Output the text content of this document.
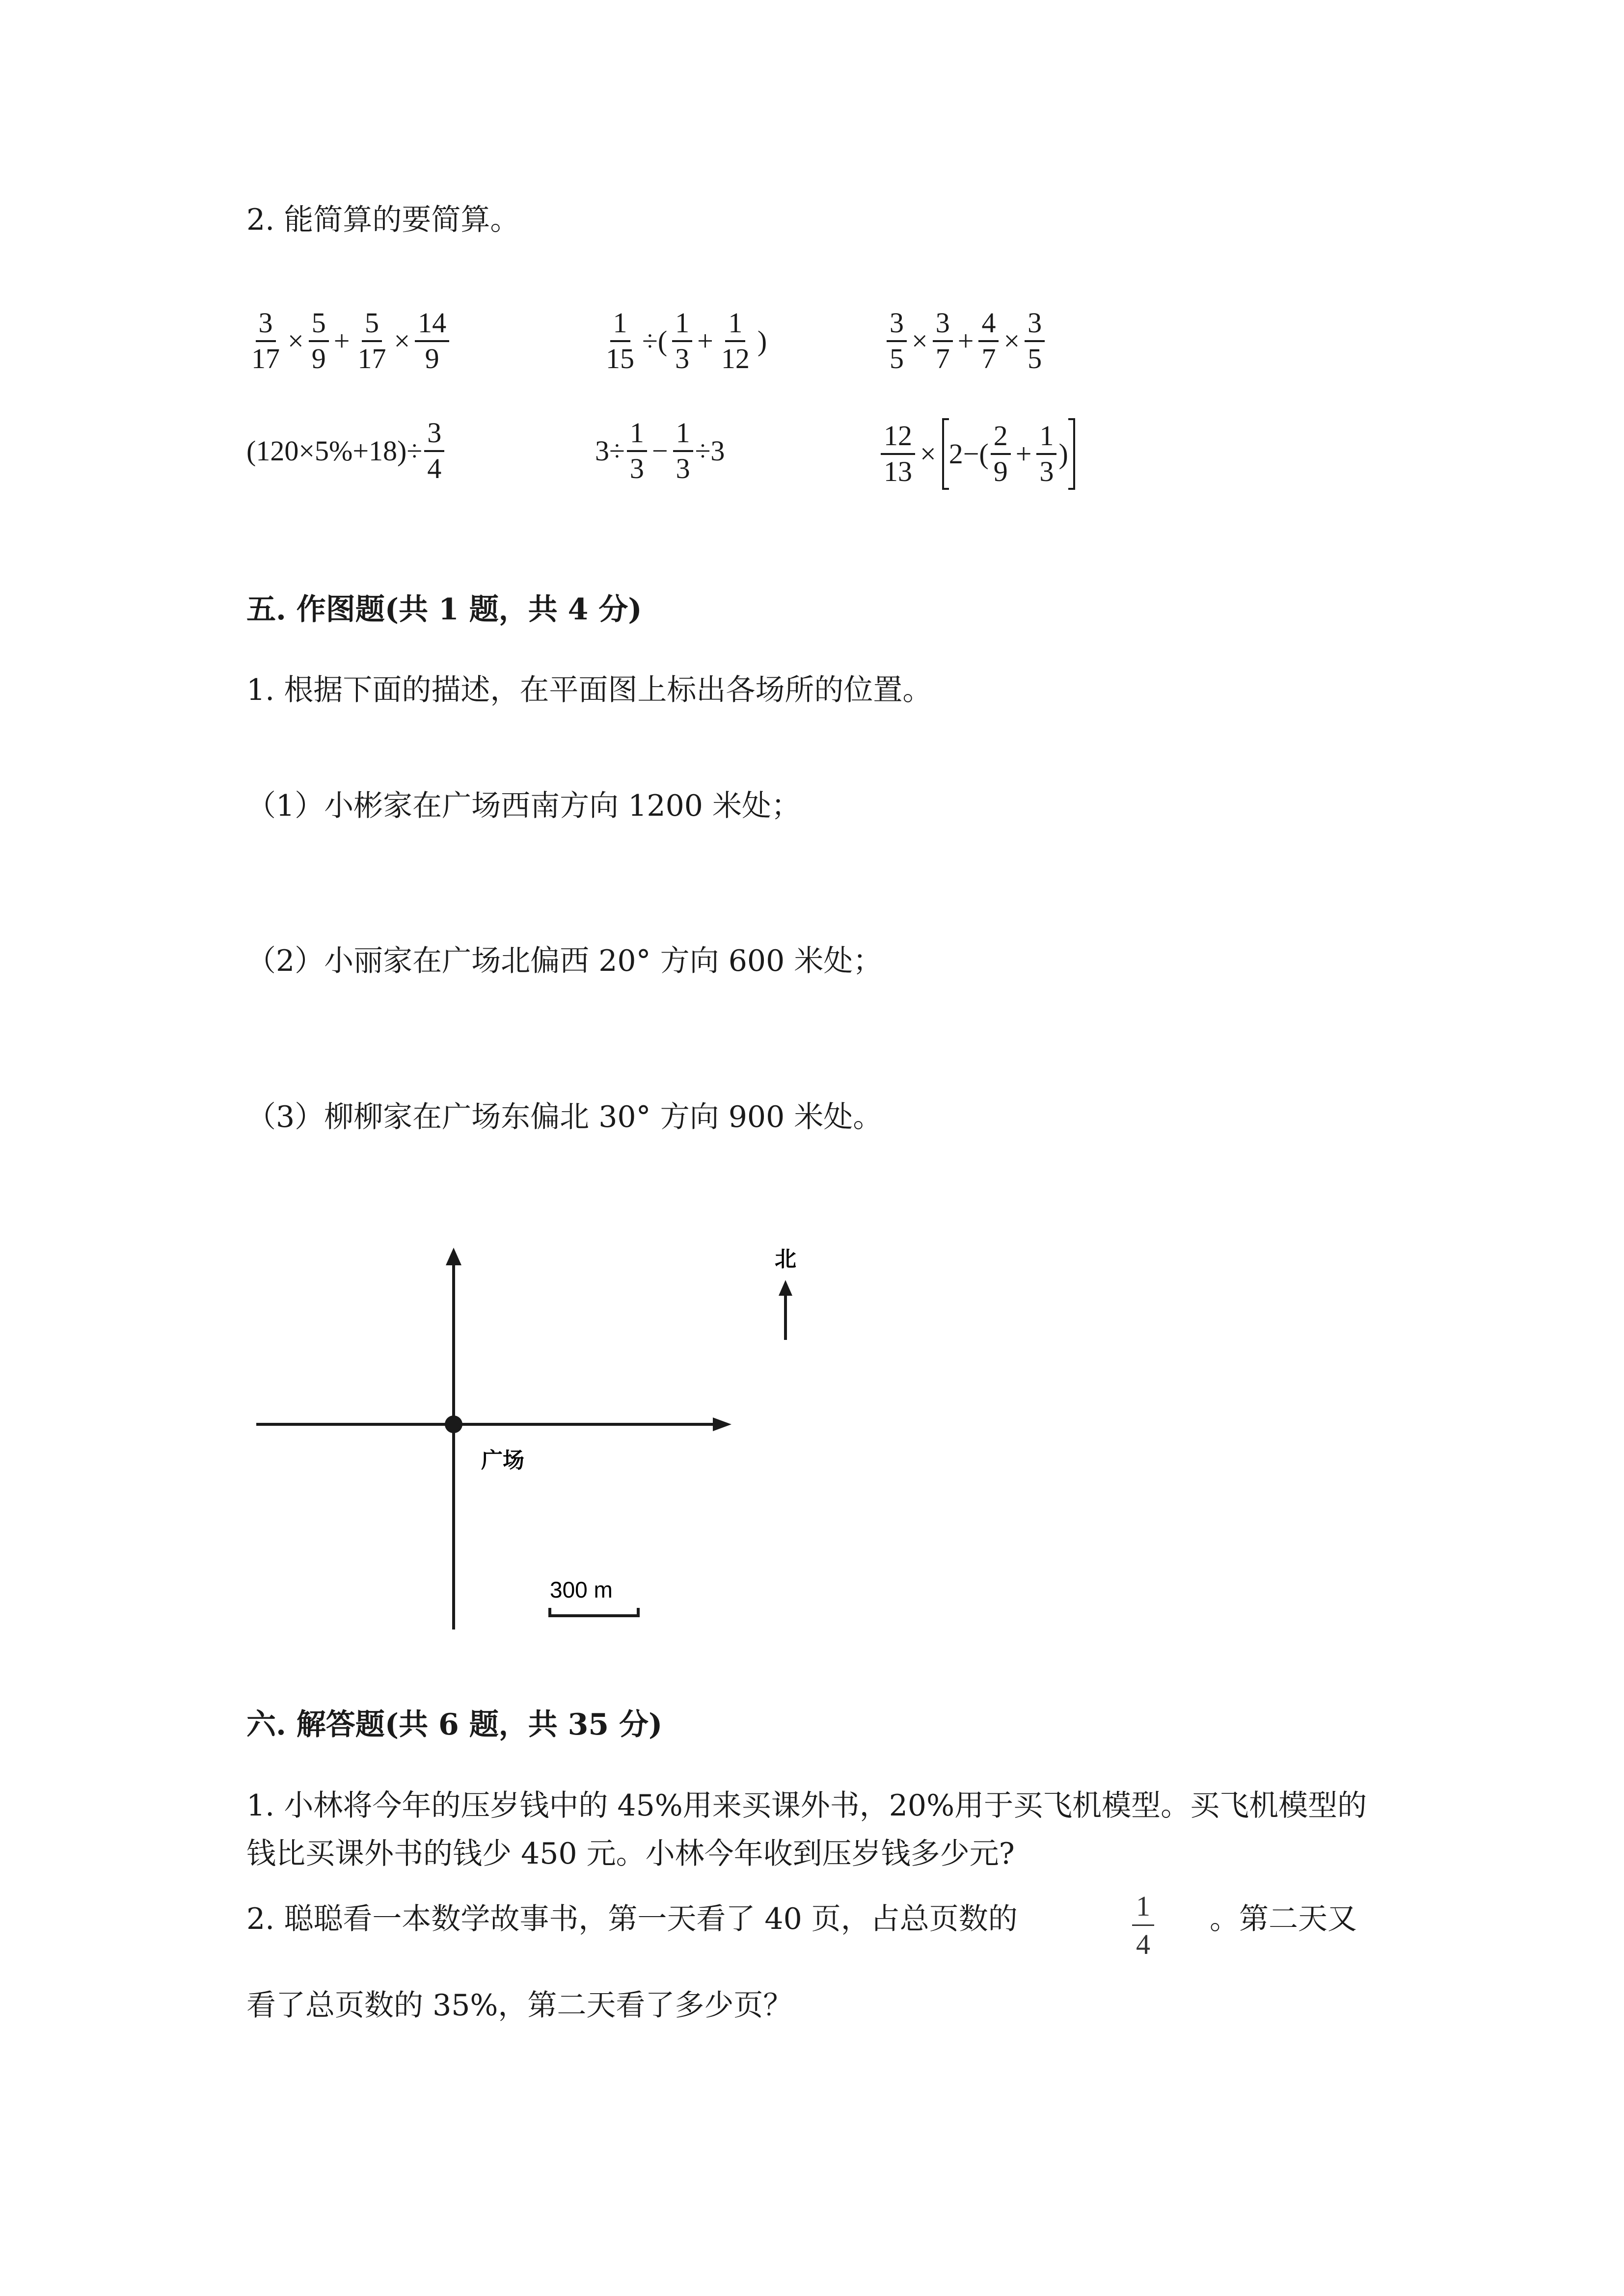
2. 能简算的要简算。
$\frac{3}{17} \times \frac{5}{9} + \frac{5}{17} \times \frac{14}{9}$	$\frac{1}{15}$ ÷( $\frac{1}{3} + \frac{1}{12}$ )	$\frac{3}{5} \times \frac{3}{7} + \frac{4}{7} \times \frac{3}{5}$
$(120\times 5\%+18)\div \frac{3}{4}$	$3\div \frac{1}{3} - \frac{1}{3} \div 3$	$\frac{12}{13} \times 2-( \frac{2}{9} + \frac{1}{3}$ )
五. 作图题(共 1 题，共 4 分)
1. 根据下面的描述，在平面图上标出各场所的位置。
（1）小彬家在广场西南方向 1200 米处；
（2）小丽家在广场北偏西 20° 方向 600 米处；
（3）柳柳家在广场东偏北 30° 方向 900 米处。
北
广场
300 m
六. 解答题(共 6 题，共 35 分)
1. 小林将今年的压岁钱中的 45%用来买课外书，20%用于买飞机模型。买飞机模型的钱比买课外书的钱少 450 元。小林今年收到压岁钱多少元?
2. 聪聪看一本数学故事书，第一天看了 40 页，占总页数的	$\frac{1}{4}$ 。第二天又
看了总页数的 35%，第二天看了多少页？
